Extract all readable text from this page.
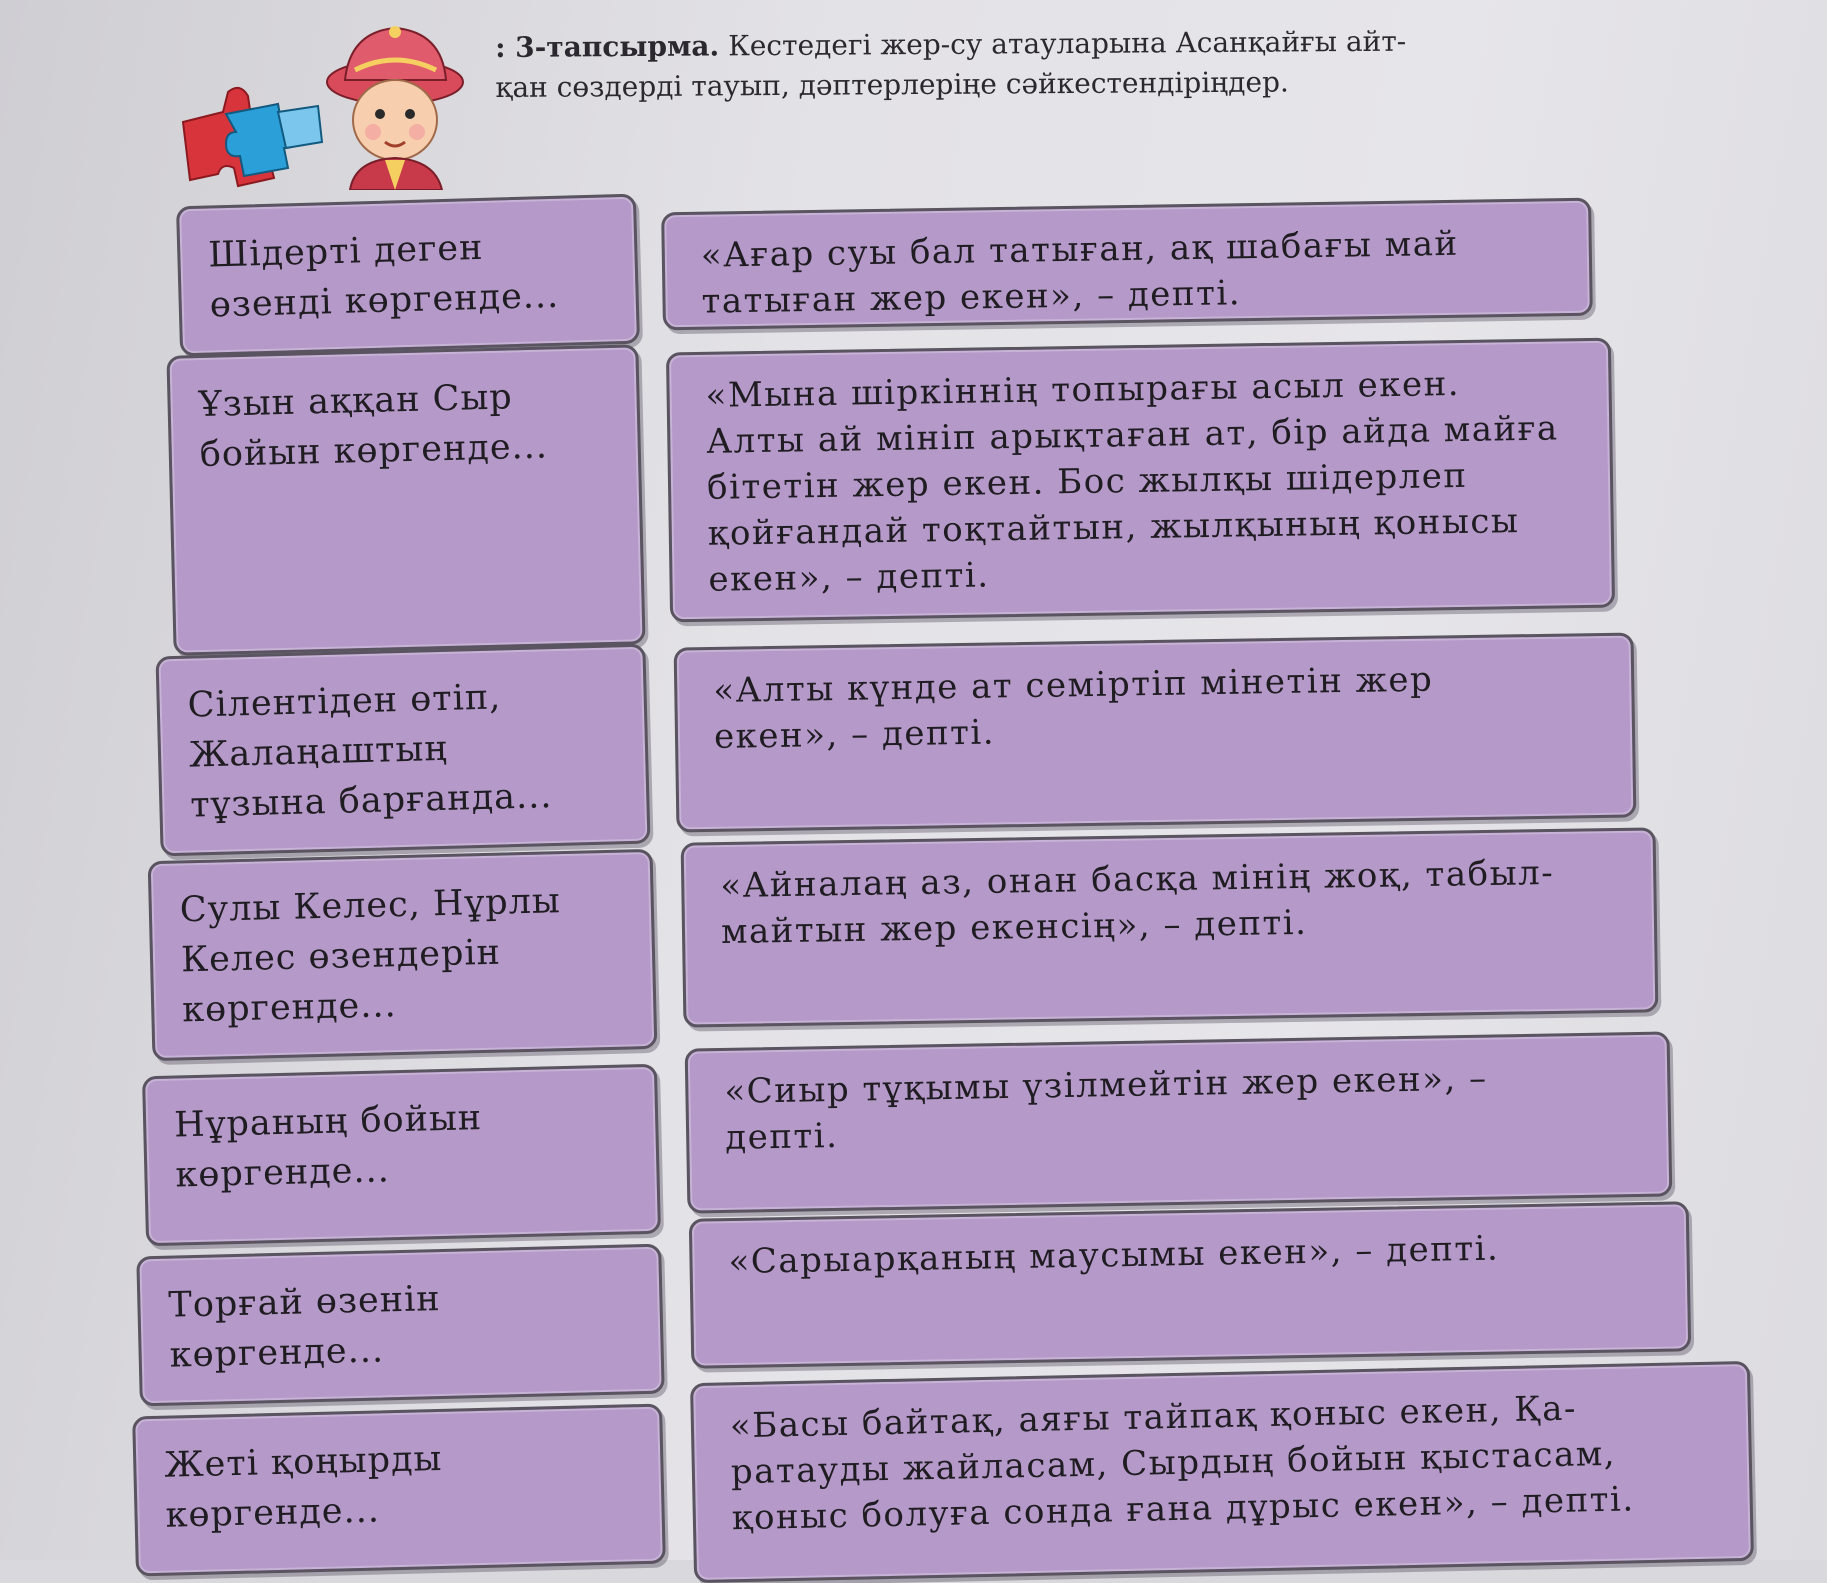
: 3-тапсырма. Кестедегі жер-су атауларына Асанқайғы айт-
қан сөздерді тауып, дәптерлеріңе сәйкестендіріңдер.
Шідерті деген
өзенді көргенде...
«Ағар суы бал татыған, ақ шабағы май
татыған жер екен», – депті.
Ұзын аққан Сыр
бойын көргенде...
«Мына шіркіннің топырағы асыл екен.
Алты ай мініп арықтаған ат, бір айда майға
бітетін жер екен. Бос жылқы шідерлеп
қойғандай тоқтайтын, жылқының қонысы
екен», – депті.
Сілентіден өтіп,
Жалаңаштың
тұзына барғанда...
«Алты күнде ат семіртіп мінетін жер
екен», – депті.
Сулы Келес, Нұрлы
Келес өзендерін
көргенде...
«Айналаң аз, онан басқа мінің жоқ, табыл-
майтын жер екенсің», – депті.
Нұраның бойын
көргенде...
«Сиыр тұқымы үзілмейтін жер екен», –
депті.
Торғай өзенін
көргенде...
«Сарыарқаның маусымы екен», – депті.
Жеті қоңырды
көргенде...
«Басы байтақ, аяғы тайпақ қоныс екен, Қа-
ратауды жайласам, Сырдың бойын қыстасам,
қоныс болуға сонда ғана дұрыс екен», – депті.
